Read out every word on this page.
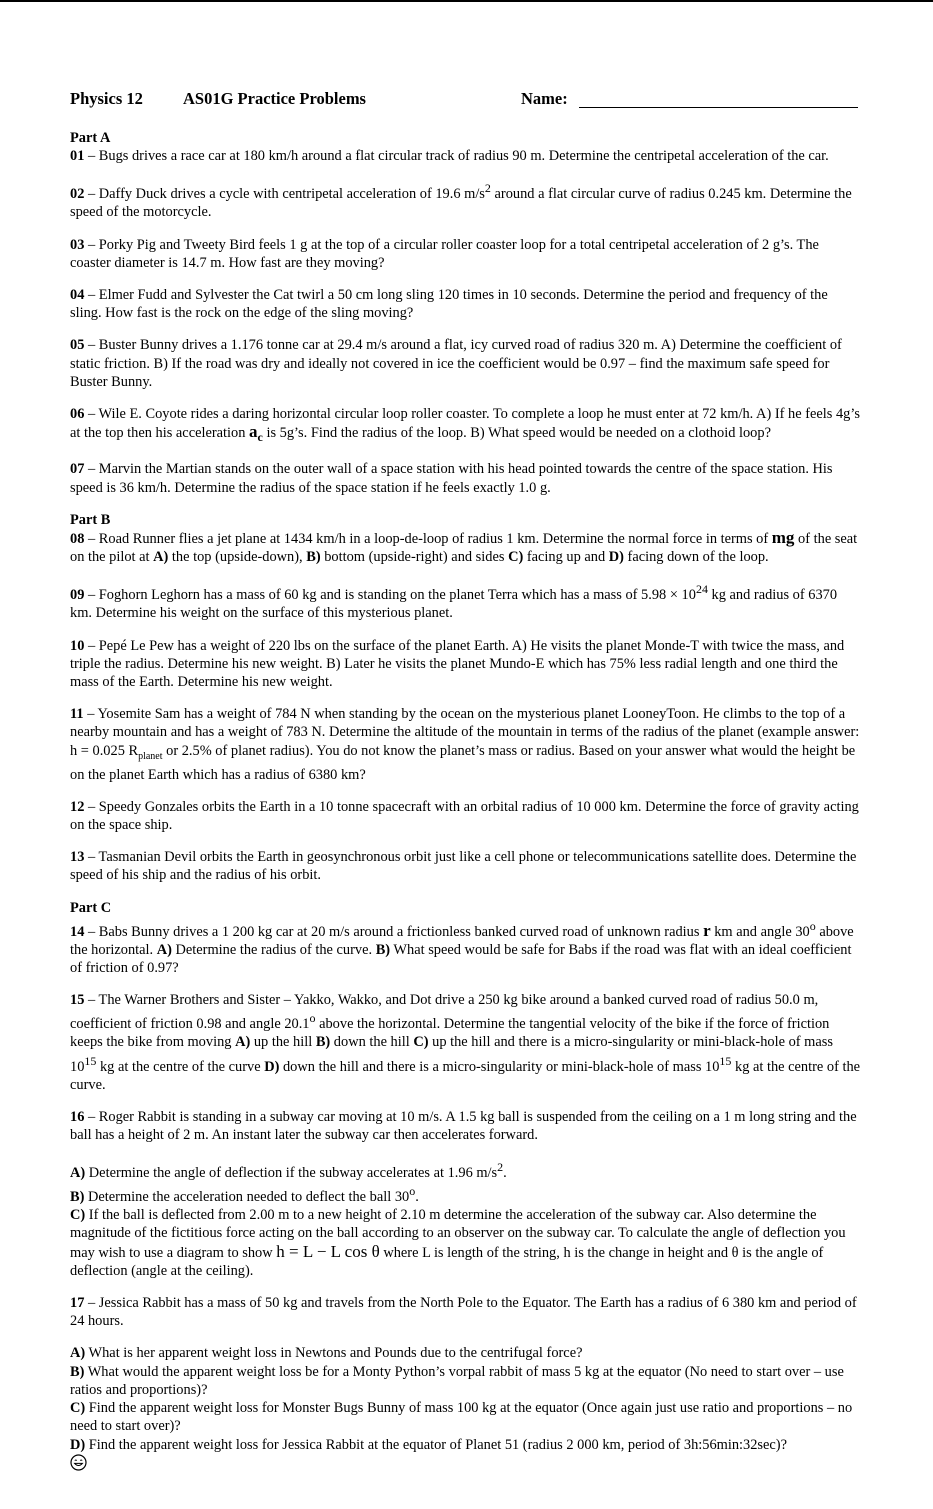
Physics 12 AS01G Practice Problems	Name:
Part A

01 – Bugs drives a race car at 180 km/h around a flat circular track of radius 90 m. Determine the centripetal acceleration of the car.

02 – Daffy Duck drives a cycle with centripetal acceleration of 19.6 $m/s^2$ around a flat circular curve of radius 0.245 km. Determine the speed of the motorcycle.

03 – Porky Pig and Tweety Bird feels 1 g at the top of a circular roller coaster loop for a total centripetal acceleration of 2 g’s. The coaster diameter is 14.7 m. How fast are they moving?

04 – Elmer Fudd and Sylvester the Cat twirl a 50 cm long sling 120 times in 10 seconds. Determine the period and frequency of the sling. How fast is the rock on the edge of the sling moving?

05 – Buster Bunny drives a 1.176 tonne car at 29.4 m/s around a flat, icy curved road of radius 320 m. A) Determine the coefficient of static friction. B) If the road was dry and ideally not covered in ice the coefficient would be 0.97 – find the maximum safe speed for Buster Bunny.

06 – Wile E. Coyote rides a daring horizontal circular loop roller coaster. To complete a loop he must enter at 72 km/h. A) If he feels 4g’s at the top then his acceleration $a_c$ is 5g’s. Find the radius of the loop. B) What speed would be needed on a clothoid loop?

07 – Marvin the Martian stands on the outer wall of a space station with his head pointed towards the centre of the space station. His speed is 36 km/h. Determine the radius of the space station if he feels exactly 1.0 g.

Part B

08 – Road Runner flies a jet plane at 1434 km/h in a loop-de-loop of radius 1 km. Determine the normal force in terms of mg of the seat on the pilot at A) the top (upside-down), B) bottom (upside-right) and sides C) facing up and D) facing down of the loop.

09 – Foghorn Leghorn has a mass of 60 kg and is standing on the planet Terra which has a mass of $5.98 \times 10^{24}$ kg and radius of 6370 km. Determine his weight on the surface of this mysterious planet.

10 – Pepé Le Pew has a weight of 220 lbs on the surface of the planet Earth. A) He visits the planet Monde-T with twice the mass, and triple the radius. Determine his new weight. B) Later he visits the planet Mundo-E which has 75% less radial length and one third the mass of the Earth. Determine his new weight.

11 – Yosemite Sam has a weight of 784 N when standing by the ocean on the mysterious planet LooneyToon. He climbs to the top of a nearby mountain and has a weight of 783 N. Determine the altitude of the mountain in terms of the radius of the planet (example answer: h = 0.025 $R_{planet}$ or 2.5% of planet radius). You do not know the planet’s mass or radius. Based on your answer what would the height be on the planet Earth which has a radius of 6380 km?

12 – Speedy Gonzales orbits the Earth in a 10 tonne spacecraft with an orbital radius of 10 000 km. Determine the force of gravity acting on the space ship.

13 – Tasmanian Devil orbits the Earth in geosynchronous orbit just like a cell phone or telecommunications satellite does. Determine the speed of his ship and the radius of his orbit.

Part C

14 – Babs Bunny drives a 1 200 kg car at 20 m/s around a frictionless banked curved road of unknown radius r km and angle 30$^o$ above the horizontal. A) Determine the radius of the curve. B) What speed would be safe for Babs if the road was flat with an ideal coefficient of friction of 0.97?

15 – The Warner Brothers and Sister – Yakko, Wakko, and Dot drive a 250 kg bike around a banked curved road of radius 50.0 m, coefficient of friction 0.98 and angle 20.1$^o$ above the horizontal. Determine the tangential velocity of the bike if the force of friction keeps the bike from moving A) up the hill B) down the hill C) up the hill and there is a micro-singularity or mini-black-hole of mass $10^{15}$ kg at the centre of the curve D) down the hill and there is a micro-singularity or mini-black-hole of mass $10^{15}$ kg at the centre of the curve.

16 – Roger Rabbit is standing in a subway car moving at 10 m/s. A 1.5 kg ball is suspended from the ceiling on a 1 m long string and the ball has a height of 2 m. An instant later the subway car then accelerates forward.

A) Determine the angle of deflection if the subway accelerates at 1.96 $m/s^2$.

B) Determine the acceleration needed to deflect the ball 30$^o$.

C) If the ball is deflected from 2.00 m to a new height of 2.10 m determine the acceleration of the subway car. Also determine the magnitude of the fictitious force acting on the ball according to an observer on the subway car. To calculate the angle of deflection you may wish to use a diagram to show h = L − L cos θ where L is length of the string, h is the change in height and θ is the angle of deflection (angle at the ceiling).

17 – Jessica Rabbit has a mass of 50 kg and travels from the North Pole to the Equator. The Earth has a radius of 6 380 km and period of 24 hours.

A) What is her apparent weight loss in Newtons and Pounds due to the centrifugal force?

B) What would the apparent weight loss be for a Monty Python’s vorpal rabbit of mass 5 kg at the equator (No need to start over – use ratios and proportions)?

C) Find the apparent weight loss for Monster Bugs Bunny of mass 100 kg at the equator (Once again just use ratio and proportions – no need to start over)?

D) Find the apparent weight loss for Jessica Rabbit at the equator of Planet 51 (radius 2 000 km, period of 3h:56min:32sec)?
